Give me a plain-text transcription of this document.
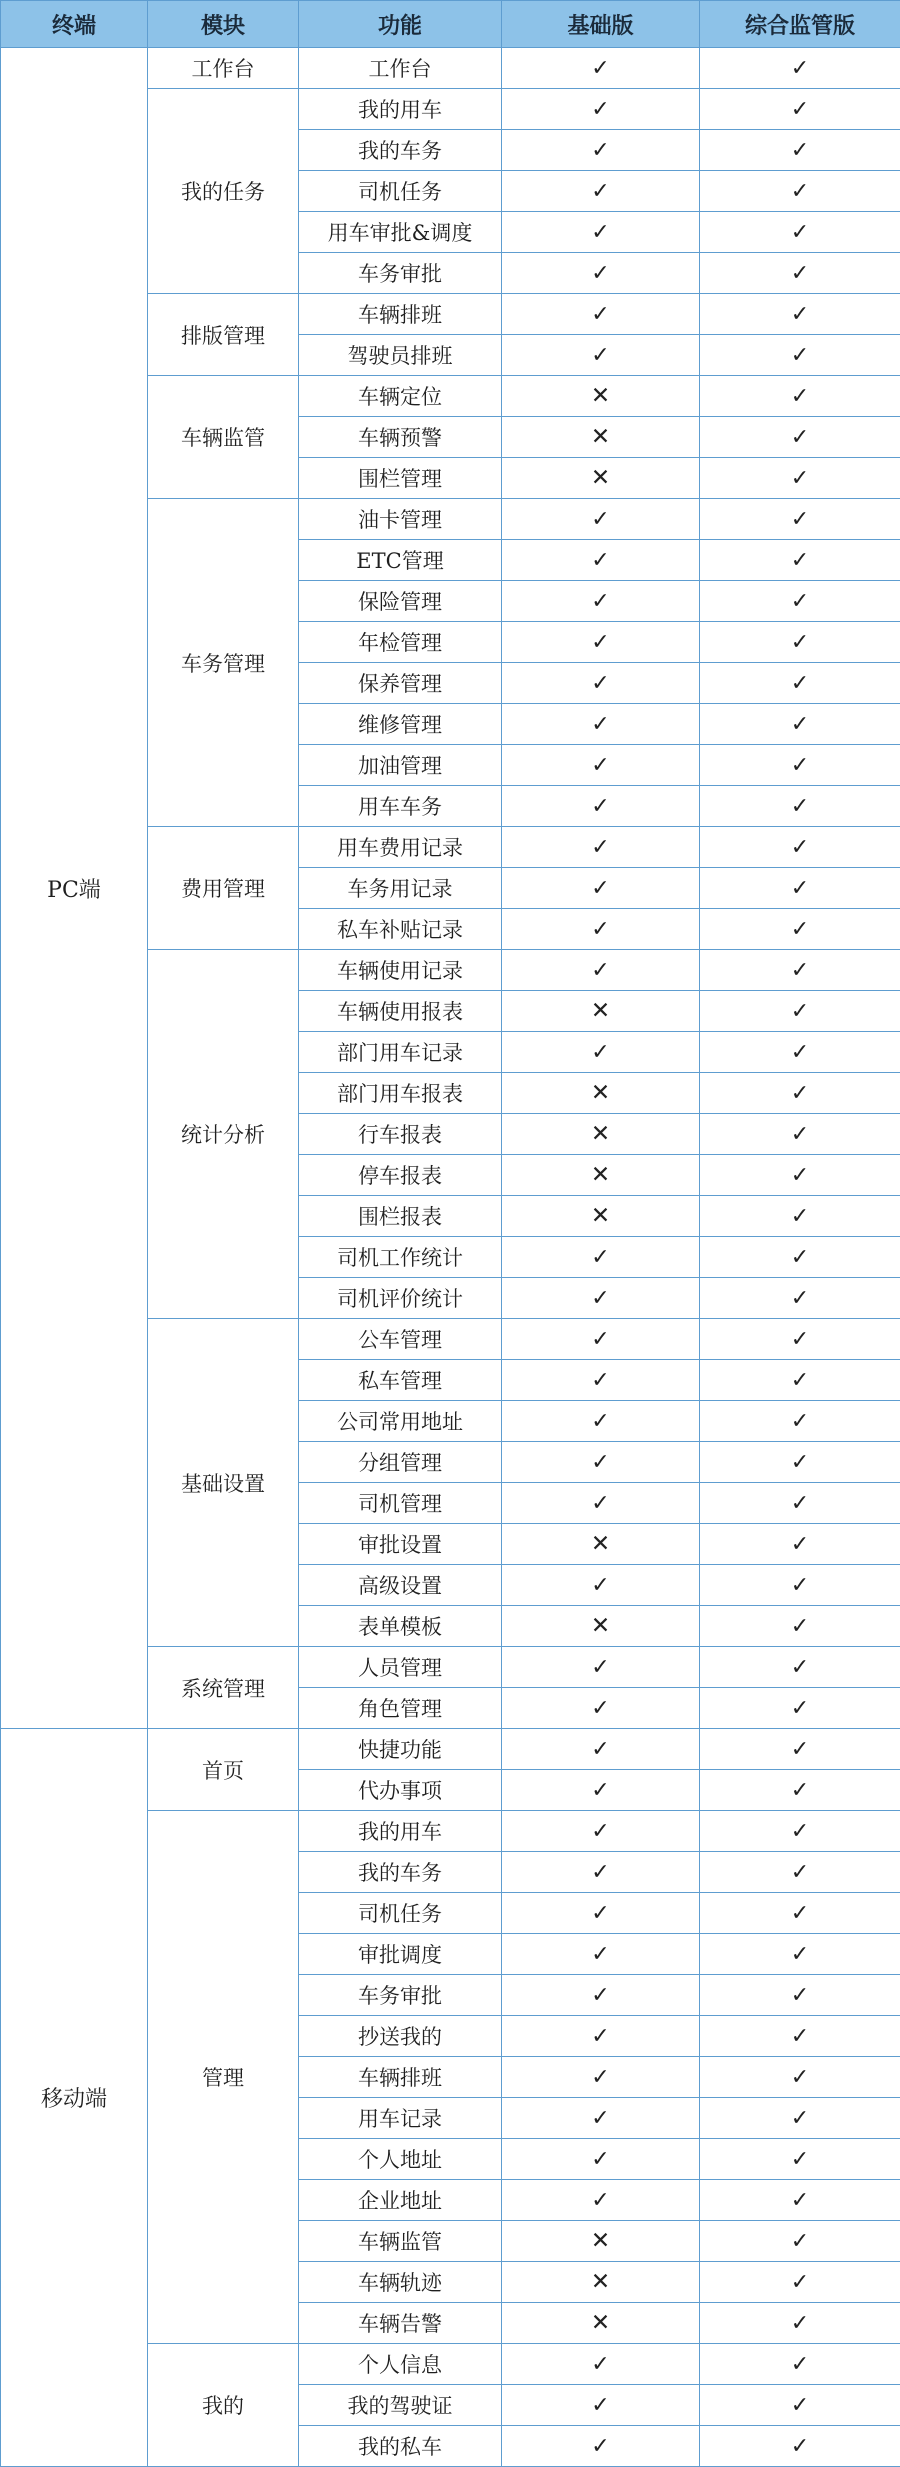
终端	模块	功能	基础版	综合监管版
PC端	工作台	工作台	✓	✓
	我的任务	我的用车	✓	✓
		我的车务	✓	✓
		司机任务	✓	✓
		用车审批&调度	✓	✓
		车务审批	✓	✓
	排版管理	车辆排班	✓	✓
		驾驶员排班	✓	✓
	车辆监管	车辆定位	✕	✓
		车辆预警	✕	✓
		围栏管理	✕	✓
	车务管理	油卡管理	✓	✓
		ETC管理	✓	✓
		保险管理	✓	✓
		年检管理	✓	✓
		保养管理	✓	✓
		维修管理	✓	✓
		加油管理	✓	✓
		用车车务	✓	✓
	费用管理	用车费用记录	✓	✓
		车务用记录	✓	✓
		私车补贴记录	✓	✓
	统计分析	车辆使用记录	✓	✓
		车辆使用报表	✕	✓
		部门用车记录	✓	✓
		部门用车报表	✕	✓
		行车报表	✕	✓
		停车报表	✕	✓
		围栏报表	✕	✓
		司机工作统计	✓	✓
		司机评价统计	✓	✓
	基础设置	公车管理	✓	✓
		私车管理	✓	✓
		公司常用地址	✓	✓
		分组管理	✓	✓
		司机管理	✓	✓
		审批设置	✕	✓
		高级设置	✓	✓
		表单模板	✕	✓
	系统管理	人员管理	✓	✓
		角色管理	✓	✓
移动端	首页	快捷功能	✓	✓
		代办事项	✓	✓
	管理	我的用车	✓	✓
		我的车务	✓	✓
		司机任务	✓	✓
		审批调度	✓	✓
		车务审批	✓	✓
		抄送我的	✓	✓
		车辆排班	✓	✓
		用车记录	✓	✓
		个人地址	✓	✓
		企业地址	✓	✓
		车辆监管	✕	✓
		车辆轨迹	✕	✓
		车辆告警	✕	✓
	我的	个人信息	✓	✓
		我的驾驶证	✓	✓
		我的私车	✓	✓
